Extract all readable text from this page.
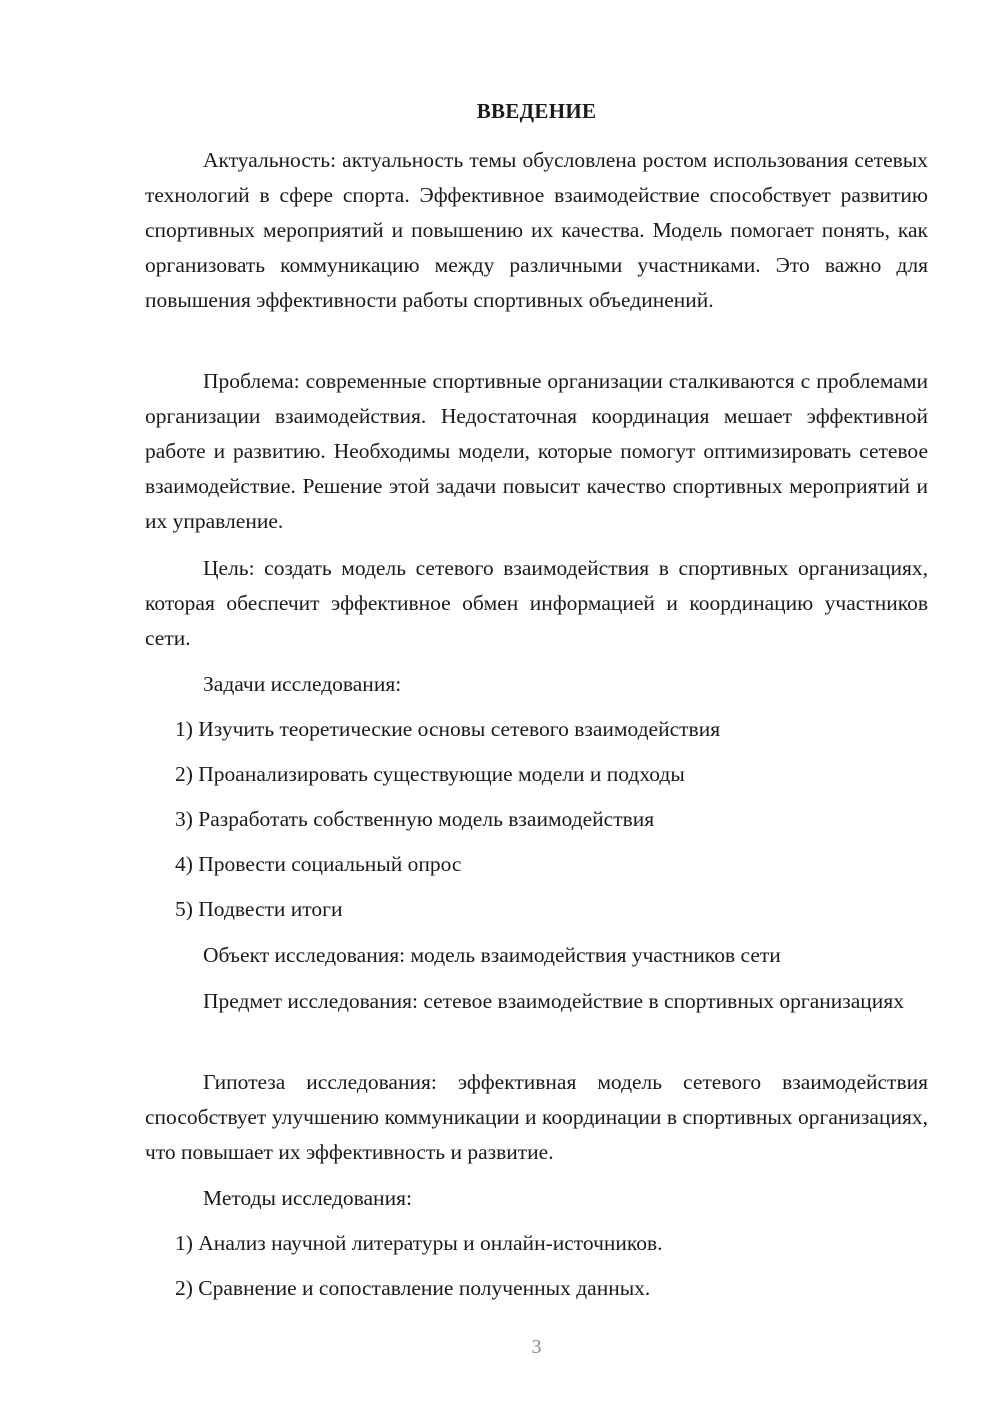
ВВЕДЕНИЕ

Актуальность: актуальность темы обусловлена ростом использования сетевых технологий в сфере спорта. Эффективное взаимодействие способствует развитию спортивных мероприятий и повышению их качества. Модель помогает понять, как организовать коммуникацию между различными участниками. Это важно для повышения эффективности работы спортивных объединений.

Проблема: современные спортивные организации сталкиваются с проблемами организации взаимодействия. Недостаточная координация мешает эффективной работе и развитию. Необходимы модели, которые помогут оптимизировать сетевое взаимодействие. Решение этой задачи повысит качество спортивных мероприятий и их управление.

Цель: создать модель сетевого взаимодействия в спортивных организациях, которая обеспечит эффективное обмен информацией и координацию участников сети.

Задачи исследования:
1) Изучить теоретические основы сетевого взаимодействия
2) Проанализировать существующие модели и подходы
3) Разработать собственную модель взаимодействия
4) Провести социальный опрос
5) Подвести итоги
Объект исследования: модель взаимодействия участников сети

Предмет исследования: сетевое взаимодействие в спортивных организациях

Гипотеза исследования: эффективная модель сетевого взаимодействия способствует улучшению коммуникации и координации в спортивных организациях, что повышает их эффективность и развитие.

Методы исследования:
1) Анализ научной литературы и онлайн-источников.
2) Сравнение и сопоставление полученных данных.
3
